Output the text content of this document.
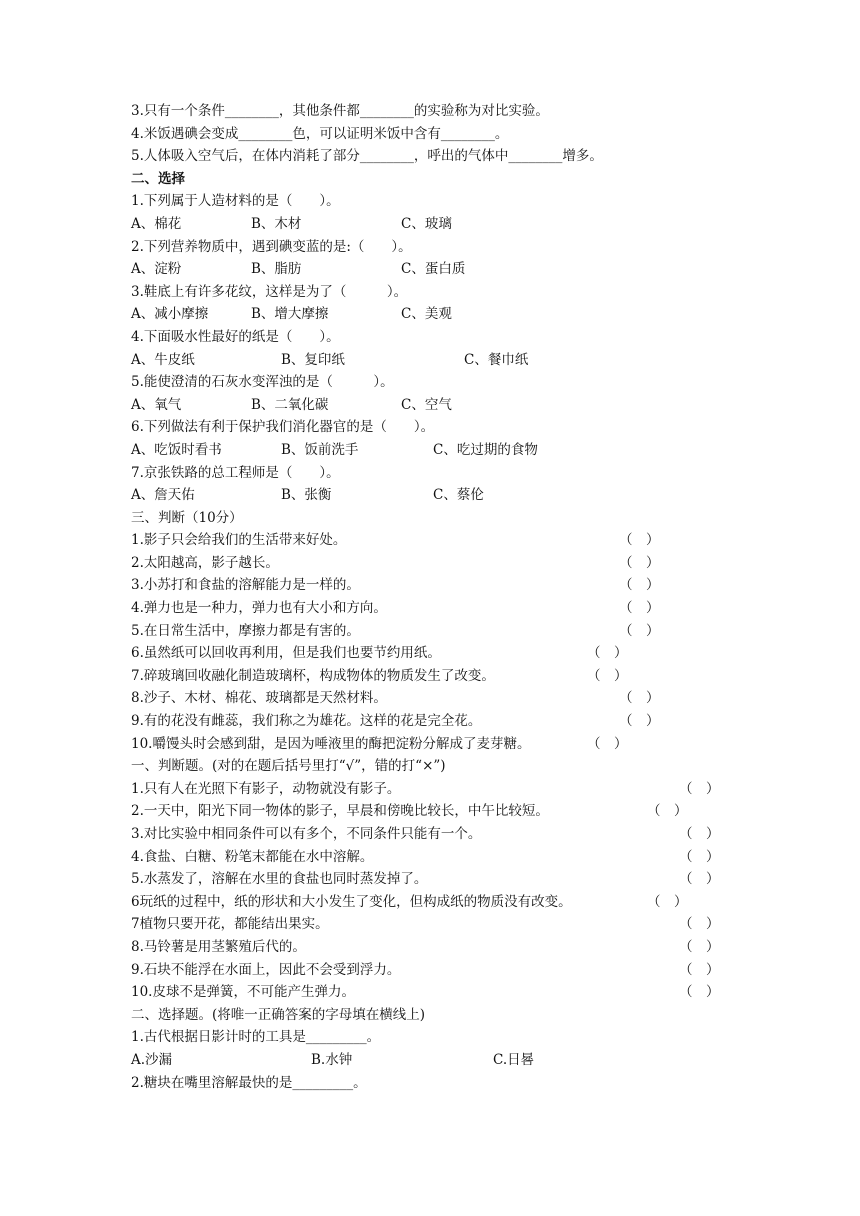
3.只有一个条件________，其他条件都________的实验称为对比实验。
4.米饭遇碘会变成________色，可以证明米饭中含有________。
5.人体吸入空气后，在体内消耗了部分________，呼出的气体中________增多。
二、选择
1.下列属于人造材料的是（　　）。
A、棉花	B、木材	C、玻璃
2.下列营养物质中，遇到碘变蓝的是:（　　）。
A、淀粉	B、脂肪	C、蛋白质
3.鞋底上有许多花纹，这样是为了（　　　）。
A、减小摩擦	B、增大摩擦	C、美观
4.下面吸水性最好的纸是（　　）。
A、牛皮纸	B、复印纸	C、餐巾纸
5.能使澄清的石灰水变浑浊的是（　　　）。
A、氧气	B、二氧化碳	C、空气
6.下列做法有利于保护我们消化器官的是（　　）。
A、吃饭时看书	B、饭前洗手	C、吃过期的食物
7.京张铁路的总工程师是（　　）。
A、詹天佑	B、张衡	C、蔡伦
三、判断（10分）
1.影子只会给我们的生活带来好处。	（　）
2.太阳越高，影子越长。	（　）
3.小苏打和食盐的溶解能力是一样的。	（　）
4.弹力也是一种力，弹力也有大小和方向。	（　）
5.在日常生活中，摩擦力都是有害的。	（　）
6.虽然纸可以回收再利用，但是我们也要节约用纸。	（　）
7.碎玻璃回收融化制造玻璃杯，构成物体的物质发生了改变。	（　）
8.沙子、木材、棉花、玻璃都是天然材料。	（　）
9.有的花没有雌蕊，我们称之为雄花。这样的花是完全花。	（　）
10.嚼馒头时会感到甜，是因为唾液里的酶把淀粉分解成了麦芽糖。	（　）
一、判断题。(对的在题后括号里打“√”，错的打“×”)
1.只有人在光照下有影子，动物就没有影子。	（　）
2.一天中，阳光下同一物体的影子，早晨和傍晚比较长，中午比较短。	（　）
3.对比实验中相同条件可以有多个，不同条件只能有一个。	（　）
4.食盐、白糖、粉笔末都能在水中溶解。	（　）
5.水蒸发了，溶解在水里的食盐也同时蒸发掉了。	（　）
6玩纸的过程中，纸的形状和大小发生了变化，但构成纸的物质没有改变。	（　）
7植物只要开花，都能结出果实。	（　）
8.马铃薯是用茎繁殖后代的。	（　）
9.石块不能浮在水面上，因此不会受到浮力。	（　）
10.皮球不是弹簧，不可能产生弹力。	（　）
二、选择题。(将唯一正确答案的字母填在横线上)
1.古代根据日影计时的工具是_________。
A.沙漏	B.水钟	C.日晷
2.糖块在嘴里溶解最快的是_________。
